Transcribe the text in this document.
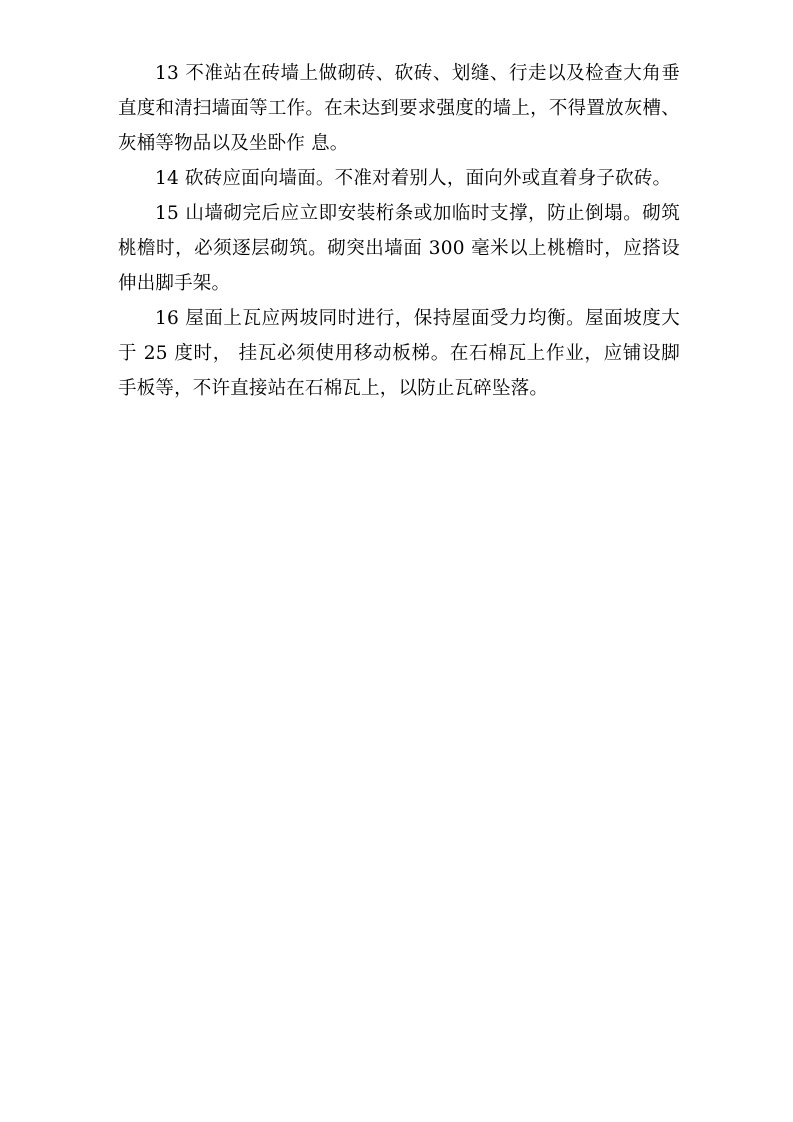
13 不准站在砖墙上做砌砖、砍砖、划缝、行走以及检查大角垂直度和清扫墙面等工作。在未达到要求强度的墙上，不得置放灰槽、灰桶等物品以及坐卧作 息。

14 砍砖应面向墙面。不准对着别人，面向外或直着身子砍砖。

15 山墙砌完后应立即安装桁条或加临时支撑，防止倒塌。砌筑桃檐时，必须逐层砌筑。砌突出墙面 300 毫米以上桃檐时，应搭设伸出脚手架。

16 屋面上瓦应两坡同时进行，保持屋面受力均衡。屋面坡度大于 25 度时， 挂瓦必须使用移动板梯。在石棉瓦上作业，应铺设脚手板等，不许直接站在石棉瓦上，以防止瓦碎坠落。
